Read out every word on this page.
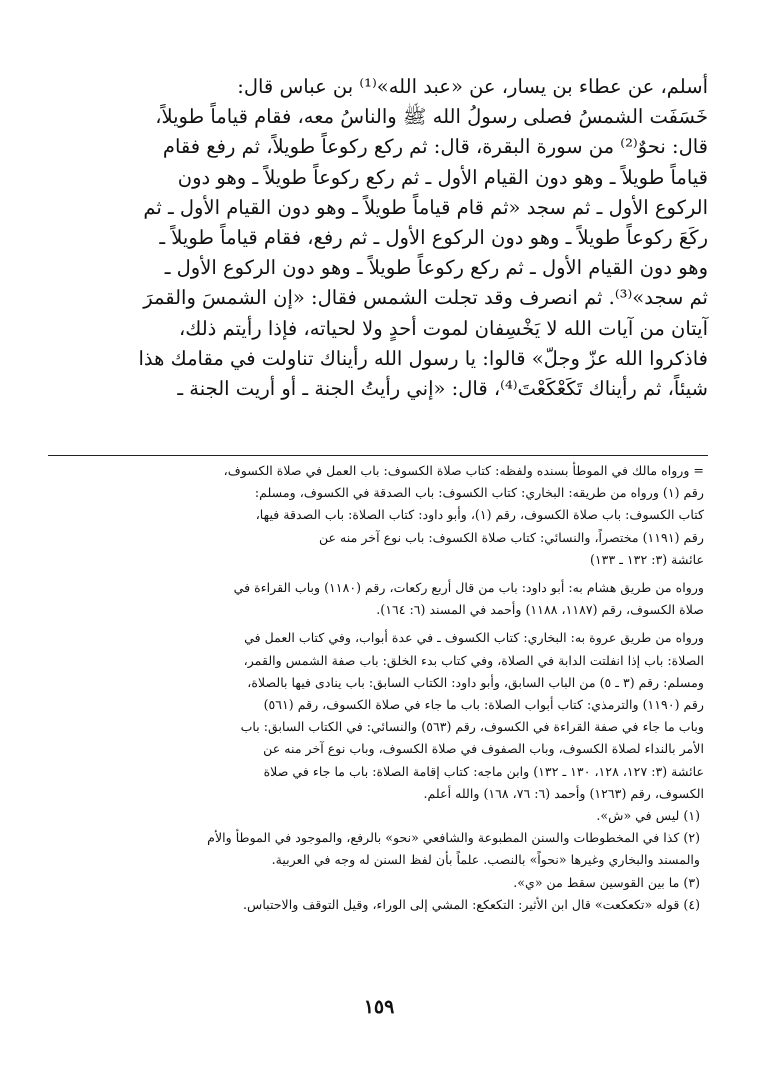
أسلم، عن عطاء بن يسار، عن «عبد الله»⁽¹⁾ بن عباس قال:

خَسَفَت الشمسُ فصلى رسولُ الله ﷺ والناسُ معه، فقام قياماً طويلاً،

قال: نحوٌ⁽²⁾ من سورة البقرة، قال: ثم ركع ركوعاً طويلاً، ثم رفع فقام

قياماً طويلاً ـ وهو دون القيام الأول ـ ثم ركع ركوعاً طويلاً ـ وهو دون

الركوع الأول ـ ثم سجد «ثم قام قياماً طويلاً ـ وهو دون القيام الأول ـ ثم

ركَعَ ركوعاً طويلاً ـ وهو دون الركوع الأول ـ ثم رفع، فقام قياماً طويلاً ـ

وهو دون القيام الأول ـ ثم ركع ركوعاً طويلاً ـ وهو دون الركوع الأول ـ

ثم سجد»⁽³⁾. ثم انصرف وقد تجلت الشمس فقال: «إن الشمسَ والقمرَ

آيتان من آيات الله لا يَخْسِفان لموت أحدٍ ولا لحياته، فإذا رأيتم ذلك،

فاذكروا الله عزّ وجلّ» قالوا: يا رسول الله رأيناك تناولت في مقامك هذا

شيئاً، ثم رأيناك تَكَعْكَعْتَ⁽⁴⁾، قال: «إني رأيتُ الجنة ـ أو أريت الجنة ـ

= ورواه مالك في الموطأ بسنده ولفظه: كتاب صلاة الكسوف: باب العمل في صلاة الكسوف،

رقم (١) ورواه من طريقه: البخاري: كتاب الكسوف: باب الصدقة في الكسوف، ومسلم:

كتاب الكسوف: باب صلاة الكسوف، رقم (١)، وأبو داود: كتاب الصلاة: باب الصدقة فيها،

رقم (١١٩١) مختصراً، والنسائي: كتاب صلاة الكسوف: باب نوع آخر منه عن

عائشة (٣: ١٣٢ ـ ١٣٣)

ورواه من طريق هشام به: أبو داود: باب من قال أربع ركعات، رقم (١١٨٠) وباب القراءة في

صلاة الكسوف، رقم (١١٨٧، ١١٨٨) وأحمد في المسند (٦: ١٦٤).

ورواه من طريق عروة به: البخاري: كتاب الكسوف ـ في عدة أبواب، وفي كتاب العمل في

الصلاة: باب إذا انفلتت الدابة في الصلاة، وفي كتاب بدء الخلق: باب صفة الشمس والقمر،

ومسلم: رقم (٣ ـ ٥) من الباب السابق، وأبو داود: الكتاب السابق: باب ينادى فيها بالصلاة،

رقم (١١٩٠) والترمذي: كتاب أبواب الصلاة: باب ما جاء في صلاة الكسوف، رقم (٥٦١)

وباب ما جاء في صفة القراءة في الكسوف، رقم (٥٦٣) والنسائي: في الكتاب السابق: باب

الأمر بالنداء لصلاة الكسوف، وباب الصفوف في صلاة الكسوف، وباب نوع آخر منه عن

عائشة (٣: ١٢٧، ١٢٨، ١٣٠ ـ ١٣٢) وابن ماجه: كتاب إقامة الصلاة: باب ما جاء في صلاة

الكسوف، رقم (١٢٦٣) وأحمد (٦: ٧٦، ١٦٨) والله أعلم.

(١) ليس في «ش».

(٢) كذا في المخطوطات والسنن المطبوعة والشافعي «نحو» بالرفع، والموجود في الموطأ والأم

والمسند والبخاري وغيرها «نحواً» بالنصب. علماً بأن لفظ السنن له وجه في العربية.

(٣) ما بين القوسين سقط من «ي».

(٤) قوله «تكعكعت» قال ابن الأثير: التكعكع: المشي إلى الوراء، وقيل التوقف والاحتباس.

١٥٩
